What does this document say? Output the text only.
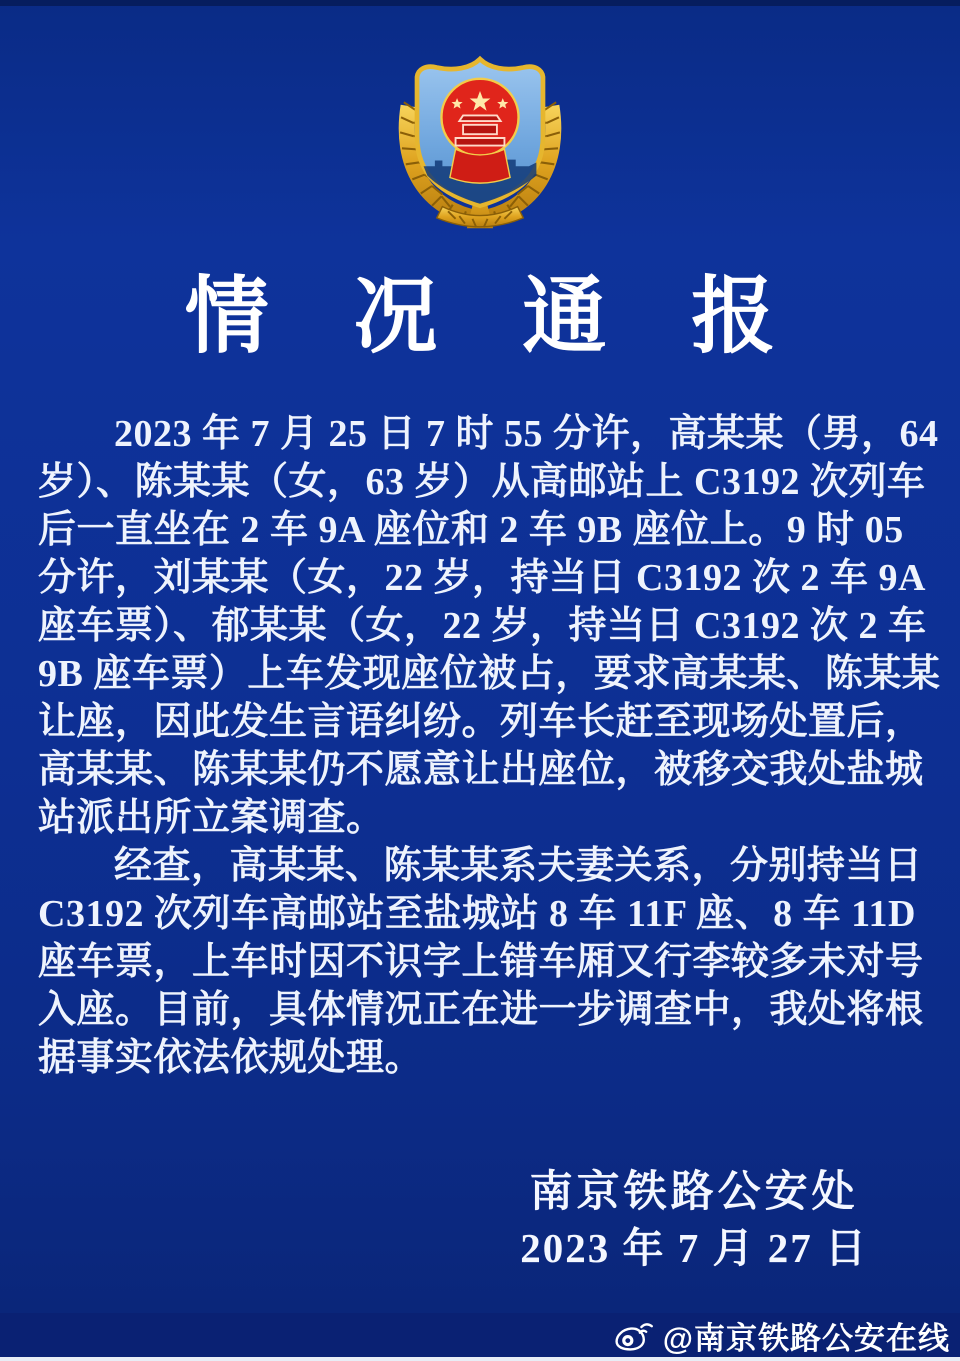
情 况 通 报
2023 年 7 月 25 日 7 时 55 分许，高某某（男，64
岁）、陈某某（女，63 岁）从高邮站上 C3192 次列车
后一直坐在 2 车 9A 座位和 2 车 9B 座位上。9 时 05
分许，刘某某（女，22 岁，持当日 C3192 次 2 车 9A
座车票）、郁某某（女，22 岁，持当日 C3192 次 2 车
9B 座车票）上车发现座位被占，要求高某某、陈某某
让座，因此发生言语纠纷。列车长赶至现场处置后，
高某某、陈某某仍不愿意让出座位，被移交我处盐城
站派出所立案调查。
经查，高某某、陈某某系夫妻关系，分别持当日
C3192 次列车高邮站至盐城站 8 车 11F 座、8 车 11D
座车票，上车时因不识字上错车厢又行李较多未对号
入座。目前，具体情况正在进一步调查中，我处将根
据事实依法依规处理。
南京铁路公安处
2023 年 7 月 27 日
@南京铁路公安在线
